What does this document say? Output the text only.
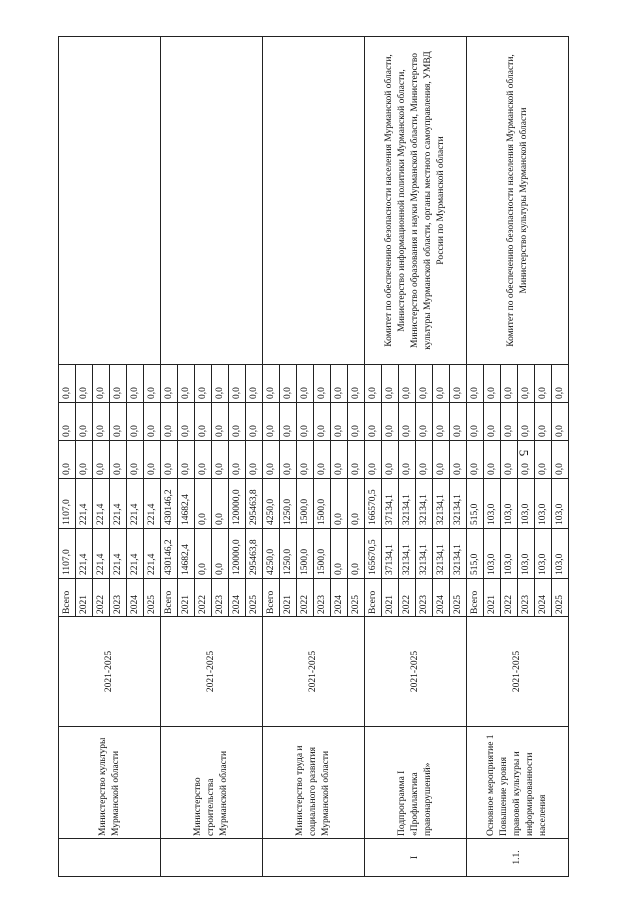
5
	Министерство культуры Мурманской области	2021-2025	Всего	1107,0	1107,0	0,0	0,0	0,0	
			2021	221,4	221,4	0,0	0,0	0,0	
			2022	221,4	221,4	0,0	0,0	0,0	
			2023	221,4	221,4	0,0	0,0	0,0	
			2024	221,4	221,4	0,0	0,0	0,0	
			2025	221,4	221,4	0,0	0,0	0,0	
	Министерство строительства Мурманской области	2021-2025	Всего	430146,2	430146,2	0,0	0,0	0,0	
			2021	14682,4	14682,4	0,0	0,0	0,0	
			2022	0,0	0,0	0,0	0,0	0,0	
			2023	0,0	0,0	0,0	0,0	0,0	
			2024	120000,0	120000,0	0,0	0,0	0,0	
			2025	295463,8	295463,8	0,0	0,0	0,0	
	Министерство труда и социального развития Мурманской области	2021-2025	Всего	4250,0	4250,0	0,0	0,0	0,0	
			2021	1250,0	1250,0	0,0	0,0	0,0	
			2022	1500,0	1500,0	0,0	0,0	0,0	
			2023	1500,0	1500,0	0,0	0,0	0,0	
			2024	0,0	0,0	0,0	0,0	0,0	
			2025	0,0	0,0	0,0	0,0	0,0	
I	Подпрограмма I «Профилактика правонарушений»	2021-2025	Всего	165670,5	166570,5	0,0	0,0	0,0	Комитет по обеспечению безопасности населения Мурманской области, Министерство информационной политики Мурманской области, Министерство образования и науки Мурманской области, Министерство культуры Мурманской области, органы местного самоуправления, УМВД России по Мурманской области
			2021	37134,1	37134,1	0,0	0,0	0,0	
			2022	32134,1	32134,1	0,0	0,0	0,0	
			2023	32134,1	32134,1	0,0	0,0	0,0	
			2024	32134,1	32134,1	0,0	0,0	0,0	
			2025	32134,1	32134,1	0,0	0,0	0,0	
1.1.	Основное мероприятие 1 Повышение уровня правовой культуры и информированности населения	2021-2025	Всего	515,0	515,0	0,0	0,0	0,0	Комитет по обеспечению безопасности населения Мурманской области, Министерство культуры Мурманской области
			2021	103,0	103,0	0,0	0,0	0,0	
			2022	103,0	103,0	0,0	0,0	0,0	
			2023	103,0	103,0	0,0	0,0	0,0	
			2024	103,0	103,0	0,0	0,0	0,0	
			2025	103,0	103,0	0,0	0,0	0,0	
